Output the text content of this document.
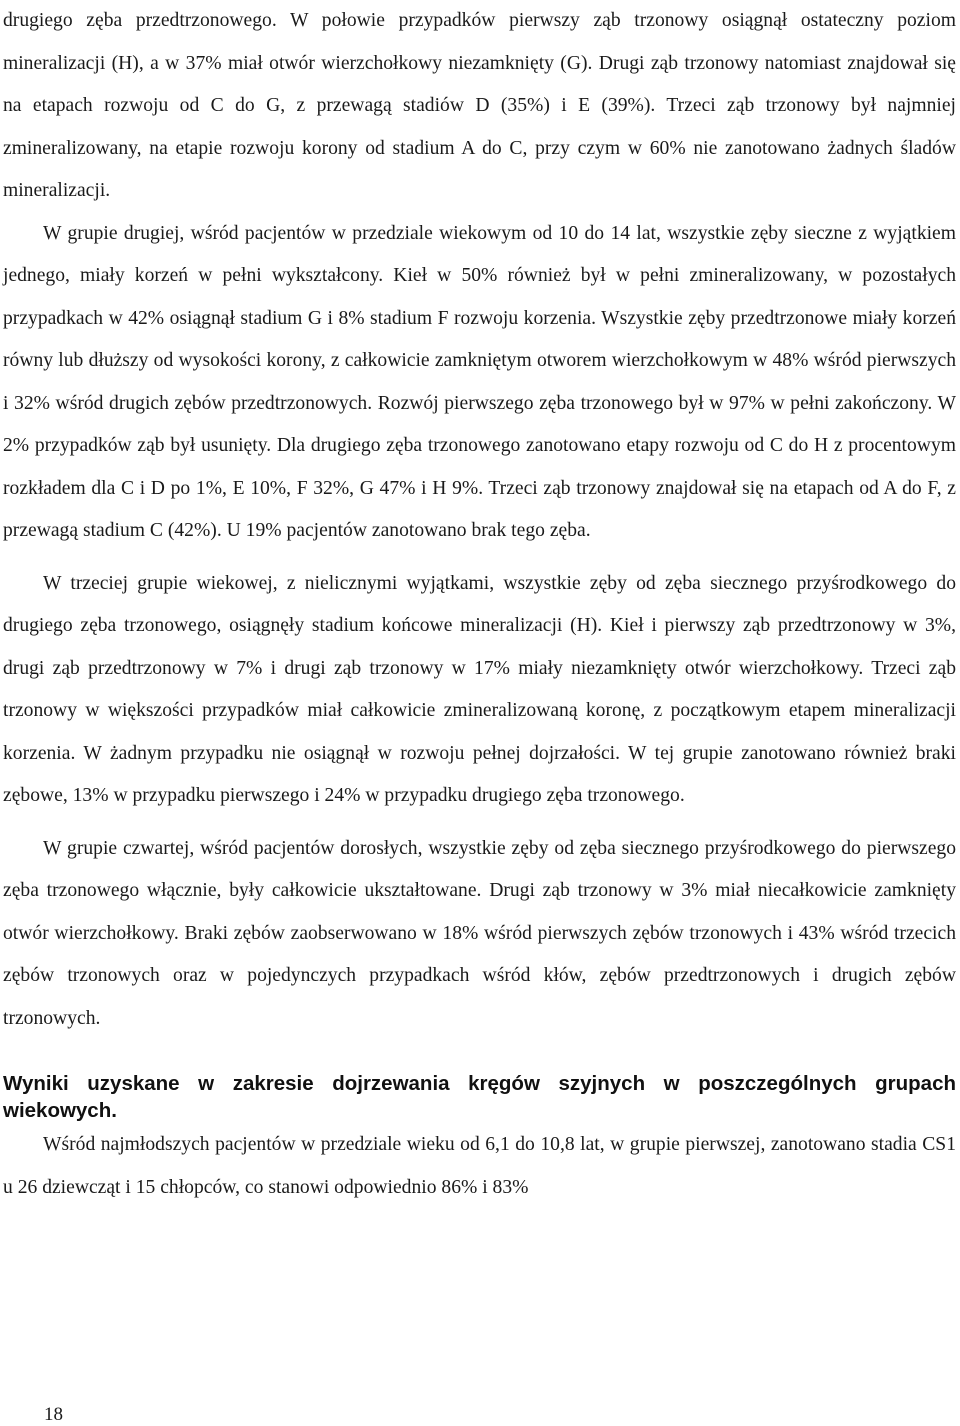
drugiego zęba przedtrzonowego. W połowie przypadków pierwszy ząb trzonowy osiągnął ostateczny poziom mineralizacji (H), a w 37% miał otwór wierzchołkowy niezamknięty (G). Drugi ząb trzonowy natomiast znajdował się na etapach rozwoju od C do G, z przewagą stadiów D (35%) i E (39%). Trzeci ząb trzonowy był najmniej zmineralizowany, na etapie rozwoju korony od stadium A do C, przy czym w 60% nie zanotowano żadnych śladów mineralizacji.

W grupie drugiej, wśród pacjentów w przedziale wiekowym od 10 do 14 lat, wszystkie zęby sieczne z wyjątkiem jednego, miały korzeń w pełni wykształcony. Kieł w 50% również był w pełni zmineralizowany, w pozostałych przypadkach w 42% osiągnął stadium G i 8% stadium F rozwoju korzenia. Wszystkie zęby przedtrzonowe miały korzeń równy lub dłuższy od wysokości korony, z całkowicie zamkniętym otworem wierzchołkowym w 48% wśród pierwszych i 32% wśród drugich zębów przedtrzonowych. Rozwój pierwszego zęba trzonowego był w 97% w pełni zakończony. W 2% przypadków ząb był usunięty. Dla drugiego zęba trzonowego zanotowano etapy rozwoju od C do H z procentowym rozkładem dla C i D po 1%, E 10%, F 32%, G 47% i H 9%. Trzeci ząb trzonowy znajdował się na etapach od A do F, z przewagą stadium C (42%). U 19% pacjentów zanotowano brak tego zęba.

W trzeciej grupie wiekowej, z nielicznymi wyjątkami, wszystkie zęby od zęba siecznego przyśrodkowego do drugiego zęba trzonowego, osiągnęły stadium końcowe mineralizacji (H). Kieł i pierwszy ząb przedtrzonowy w 3%, drugi ząb przedtrzonowy w 7% i drugi ząb trzonowy w 17% miały niezamknięty otwór wierzchołkowy. Trzeci ząb trzonowy w większości przypadków miał całkowicie zmineralizowaną koronę, z początkowym etapem mineralizacji korzenia. W żadnym przypadku nie osiągnął w rozwoju pełnej dojrzałości. W tej grupie zanotowano również braki zębowe, 13% w przypadku pierwszego i 24% w przypadku drugiego zęba trzonowego.

W grupie czwartej, wśród pacjentów dorosłych, wszystkie zęby od zęba siecznego przyśrodkowego do pierwszego zęba trzonowego włącznie, były całkowicie ukształtowane. Drugi ząb trzonowy w 3% miał niecałkowicie zamknięty otwór wierzchołkowy. Braki zębów zaobserwowano w 18% wśród pierwszych zębów trzonowych i 43% wśród trzecich zębów trzonowych oraz w pojedynczych przypadkach wśród kłów, zębów przedtrzonowych i drugich zębów trzonowych.

Wyniki uzyskane w zakresie dojrzewania kręgów szyjnych w poszczególnych grupach wiekowych.

Wśród najmłodszych pacjentów w przedziale wieku od 6,1 do 10,8 lat, w grupie pierwszej, zanotowano stadia CS1 u 26 dziewcząt i 15 chłopców, co stanowi odpowiednio 86% i 83%

18
